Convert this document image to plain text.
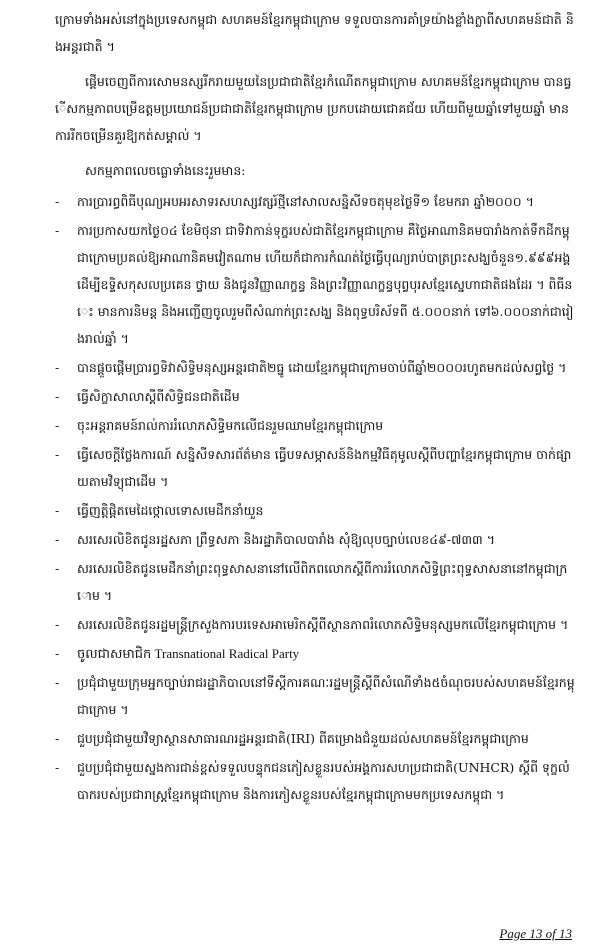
ក្រោមទាំងអស់នៅក្នុងប្រទេសកម្ពុជា សហគមន៍ខ្មែរកម្ពុជាក្រោម ទទួលបានការគាំទ្រយ៉ាងខ្លាំងក្លាពីសហគមន៍ជាតិ និងអន្តរជាតិ ។

ផ្តើមចេញពីការសោមនស្សរីករាយមួយនៃប្រជាជាតិខ្មែរកំណើតកម្ពុជាក្រោម សហគមន៍ខ្មែរកម្ពុជាក្រោម បានធ្វើសកម្មភាពបម្រើឧត្តមប្រយោជន៍ប្រជាជាតិខ្មែរកម្ពុជាក្រោម ប្រកបដោយជោគជ័យ ហើយពីមួយឆ្នាំទៅមួយឆ្នាំ មានការរីកចម្រើនគួរឱ្យកត់សម្គាល់ ។

សកម្មភាពលេចធ្លោទាំងនេះរួមមាន:

- ការប្រារព្ធពិធីបុណ្យអបអរសាទរសហស្សវត្សរ៍ថ្មីនៅសាលសន្និសីទចតុមុខថ្ងៃទី១ ខែមករា ឆ្នាំ២០០០ ។
- ការប្រកាសយកថ្ងៃ០៤ ខែមិថុនា ជាទិវាកាន់ទុក្ខរបស់ជាតិខ្មែរកម្ពុជាក្រោម គឺថ្ងៃអាណានិគមបារាំងកាត់ទឹកដីកម្ពុជាក្រោមប្រគល់ឱ្យអាណានិគមវៀតណាម ហើយក៏ជាការកំណត់ថ្ងៃធ្វើបុណ្យរាប់បាត្រព្រះសង្ឃចំនួន១.៩៩៩អង្គ ដើម្បីឧទ្ទិសកុសលប្រគេន ថ្វាយ និងជូនវិញ្ញាណក្ខន្ធ និងព្រះវិញ្ញាណក្ខន្ធបុព្វបុរសខ្មែរស្នេហាជាតិផងដែរ ។ ពិធីនេះ មានការនិមន្ត និងអញ្ជើញចូលរួមពីសំណាក់ព្រះសង្ឃ និងពុទ្ធបរិស័ទពី ៥.០០០នាក់ ទៅ៦.០០០នាក់ជារៀងរាល់ឆ្នាំ ។
- បានផ្តួចផ្តើមប្រារព្ធទិវាសិទ្ធិមនុស្សអន្តរជាតិ២ធ្នូ ដោយខ្មែរកម្ពុជាក្រោមចាប់ពីឆ្នាំ២០០០រហូតមកដល់សព្វថ្ងៃ ។
- ធ្វើសិក្ខាសាលាស្តីពីសិទ្ធិជនជាតិដើម
- ចុះអន្តរាគមន៍រាល់ការរំលោភសិទ្ធិមកលើជនរួមឈាមខ្មែរកម្ពុជាក្រោម
- ធ្វើសេចក្តីថ្លែងការណ៍ សន្និសីទសារព័ត៌មាន ធ្វើបទសម្ភាសន៍និងកម្មវិធីតុមូលស្តីពីបញ្ហាខ្មែរកម្ពុជាក្រោម ចាក់ផ្សាយតាមវិទ្យុជាដើម ។
- ធ្វើញត្តិផ្តិតមេដៃថ្កោលទោសមេដឹកនាំយួន
- សរសេរលិខិតជូនរដ្ឋសភា ព្រឹទ្ធសភា និងរដ្ឋាភិបាលបារាំង សុំឱ្យលុបច្បាប់លេខ៤៩-៧៣៣ ។
- សរសេរលិខិតជូនមេដឹកនាំព្រះពុទ្ធសាសនានៅលើពិភពលោកស្តីពីការរំលោភសិទ្ធិព្រះពុទ្ធសាសនានៅកម្ពុជាក្រោម ។
- សរសេរលិខិតជូនរដ្ឋមន្ត្រីក្រសួងការបរទេសអាមេរិកស្តីពីស្ថានភាពរំលោភសិទ្ធិមនុស្សមកលើខ្មែរកម្ពុជាក្រោម ។
- ចូលជាសមាជិក Transnational Radical Party
- ប្រជុំជាមួយក្រុមអ្នកច្បាប់រាជរដ្ឋាភិបាលនៅទីស្តីការគណៈរដ្ឋមន្ត្រីស្តីពីសំណើទាំង៥ចំណុចរបស់សហគមន៍ខ្មែរកម្ពុជាក្រោម ។
- ជួបប្រជុំជាមួយវិទ្យាស្ថានសាធារណរដ្ឋអន្តរជាតិ(IRI) ពីគម្រោងជំនួយដល់សហគមន៍ខ្មែរកម្ពុជាក្រោម
- ជួបប្រជុំជាមួយស្នងការជាន់ខ្ពស់ទទួលបន្ទុកជនភៀសខ្លួនរបស់អង្គការសហប្រជាជាតិ(UNHCR) ស្តីពី ទុក្ខលំបាករបស់ប្រជារាស្ត្រខ្មែរកម្ពុជាក្រោម និងការភៀសខ្លួនរបស់ខ្មែរកម្ពុជាក្រោមមកប្រទេសកម្ពុជា ។
Page 13 of 13
